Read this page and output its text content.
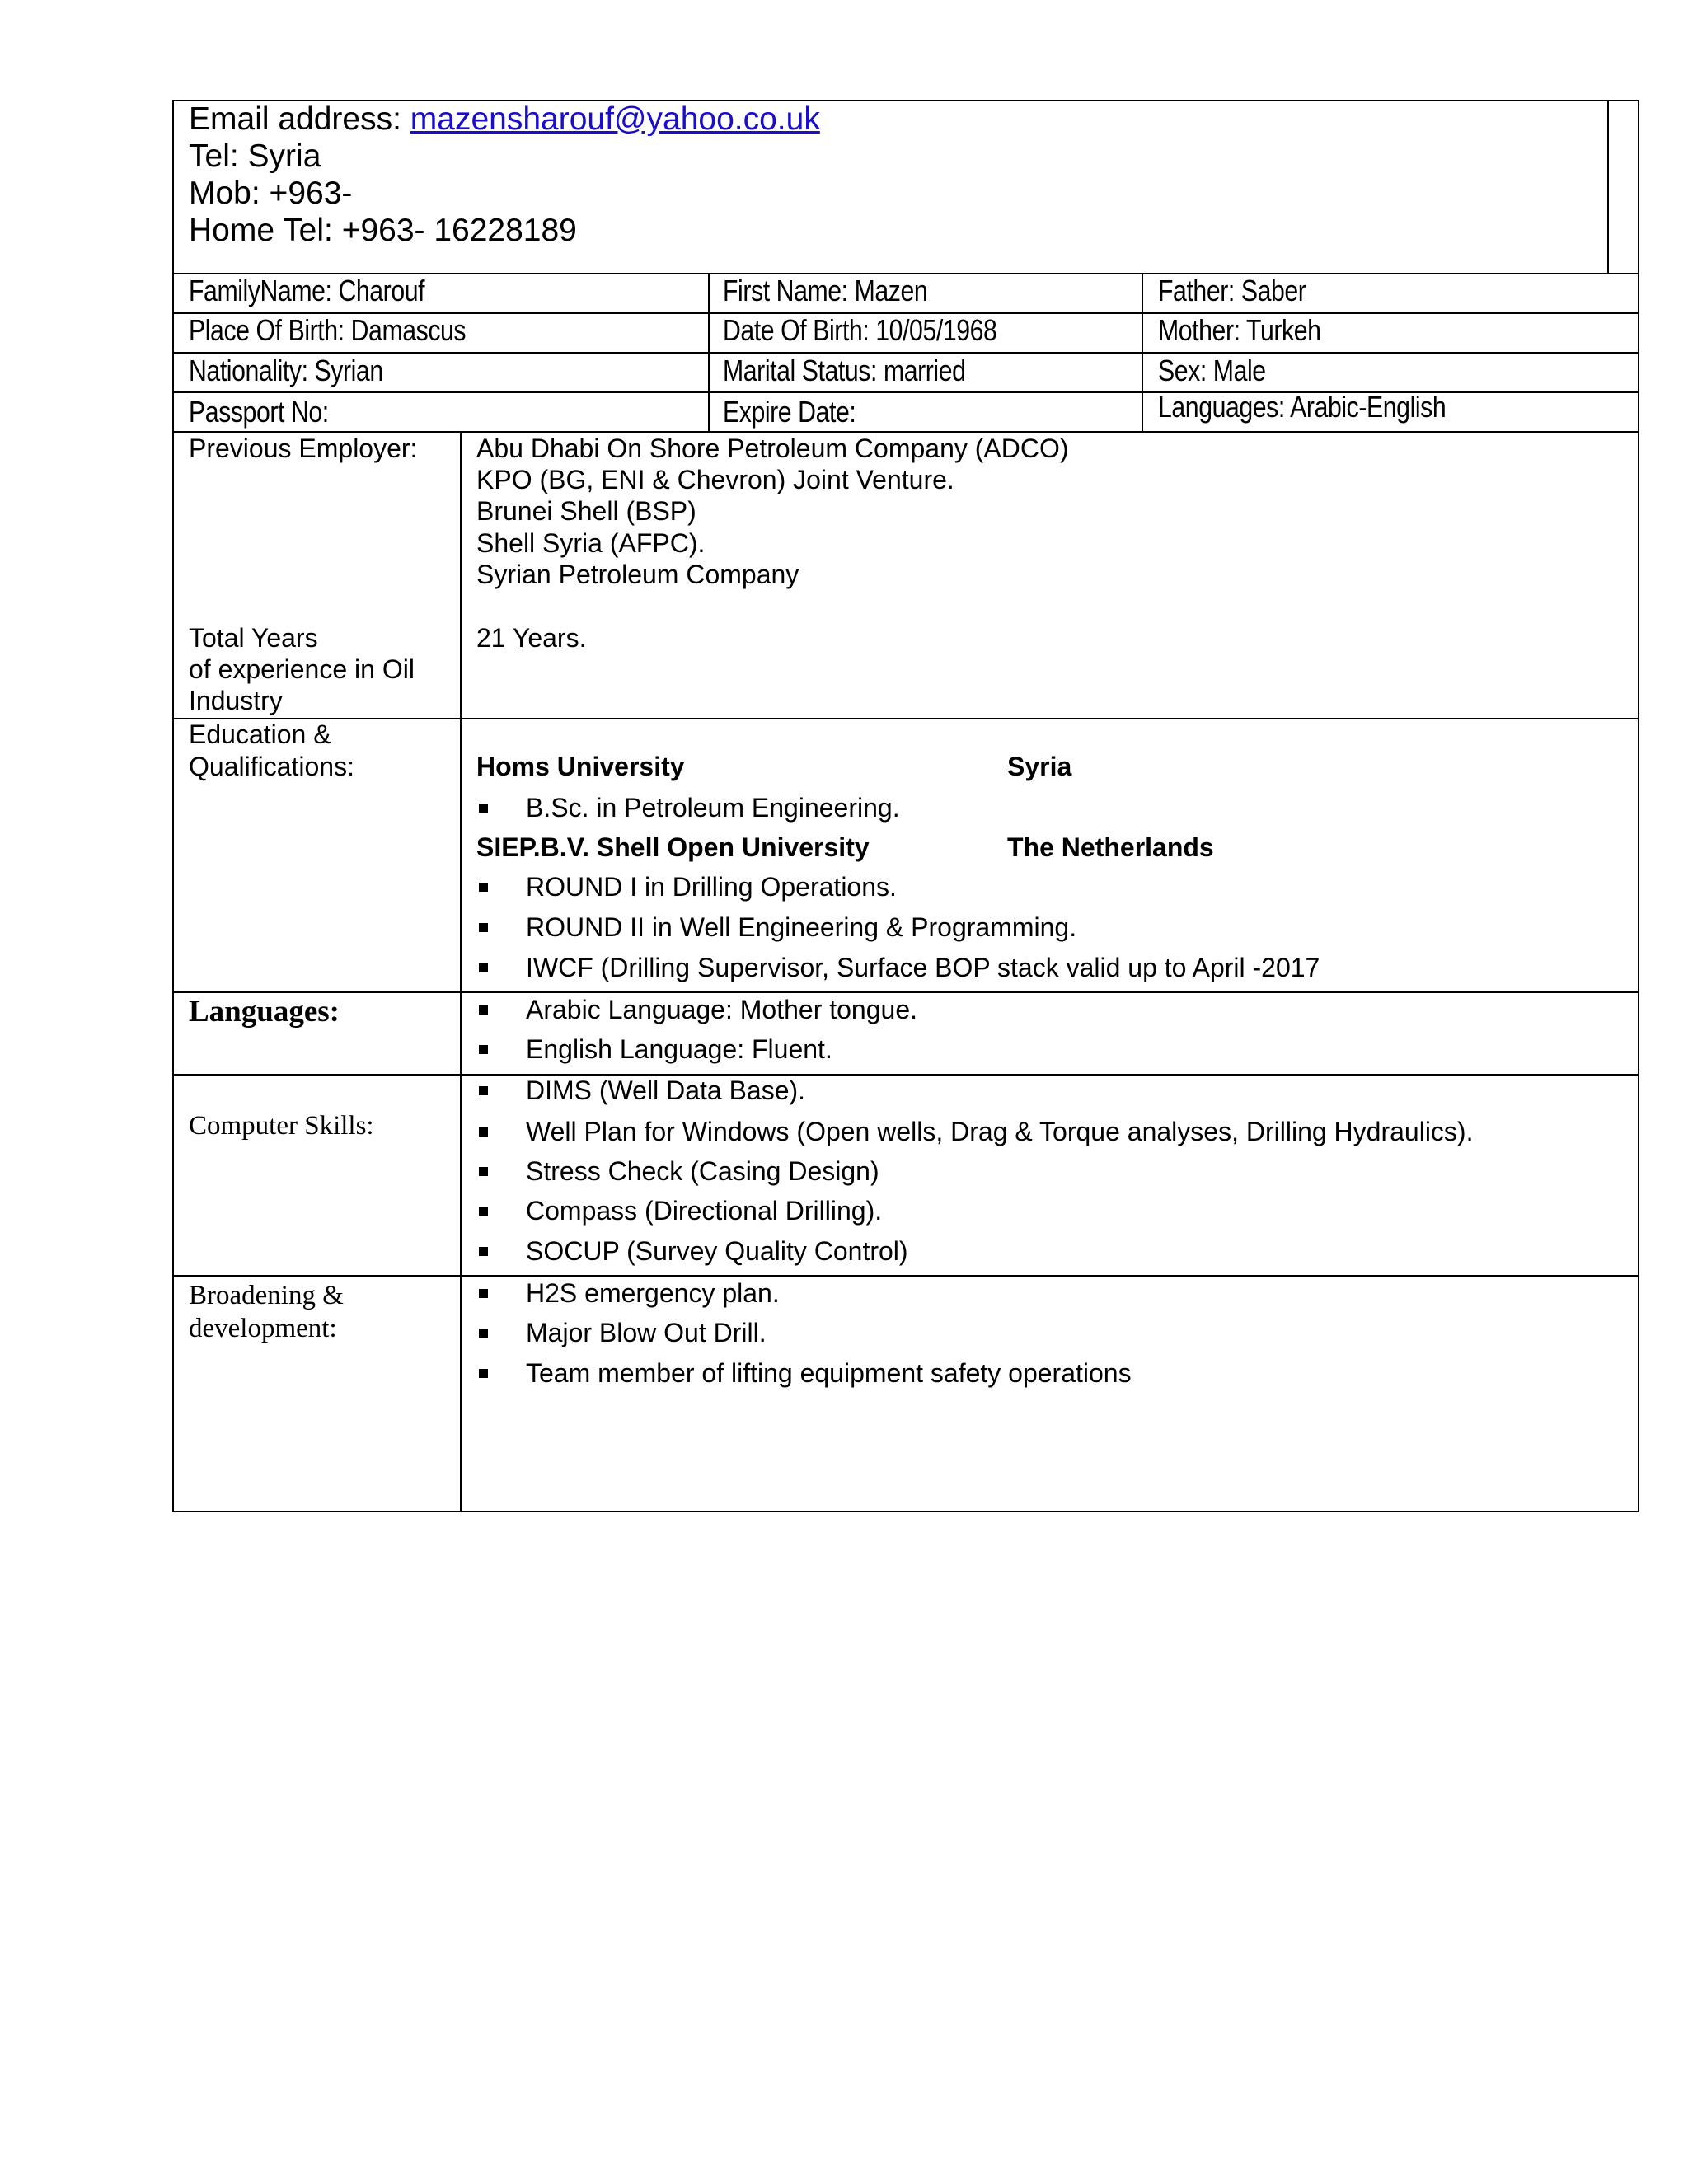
Email address: mazensharouf@yahoo.co.uk
Tel: Syria
Mob: +963-
Home Tel: +963- 16228189
FamilyName: Charouf	First Name: Mazen	Father: Saber
Place Of Birth: Damascus	Date Of Birth: 10/05/1968	Mother: Turkeh
Nationality: Syrian	Marital Status: married	Sex: Male
Passport No:	Expire Date:	Languages: Arabic-English
Previous Employer: Abu Dhabi On Shore Petroleum Company (ADCO)
KPO (BG, ENI & Chevron) Joint Venture.
Brunei Shell (BSP)
Shell Syria (AFPC).
Syrian Petroleum Company
Total Years
of experience in Oil
Industry
21 Years.
Education &
Qualifications:	Homs University	Syria
B.Sc. in Petroleum Engineering.
SIEP.B.V. Shell Open University	The Netherlands
ROUND I in Drilling Operations.
ROUND II in Well Engineering & Programming.
IWCF (Drilling Supervisor, Surface BOP stack valid up to April -2017
Languages:	Arabic Language: Mother tongue.
English Language: Fluent.
Computer Skills:
DIMS (Well Data Base).
Well Plan for Windows (Open wells, Drag & Torque analyses, Drilling Hydraulics).
Stress Check (Casing Design)
Compass (Directional Drilling).
SOCUP (Survey Quality Control)
Broadening &
development:
H2S emergency plan.
Major Blow Out Drill.
Team member of lifting equipment safety operations
